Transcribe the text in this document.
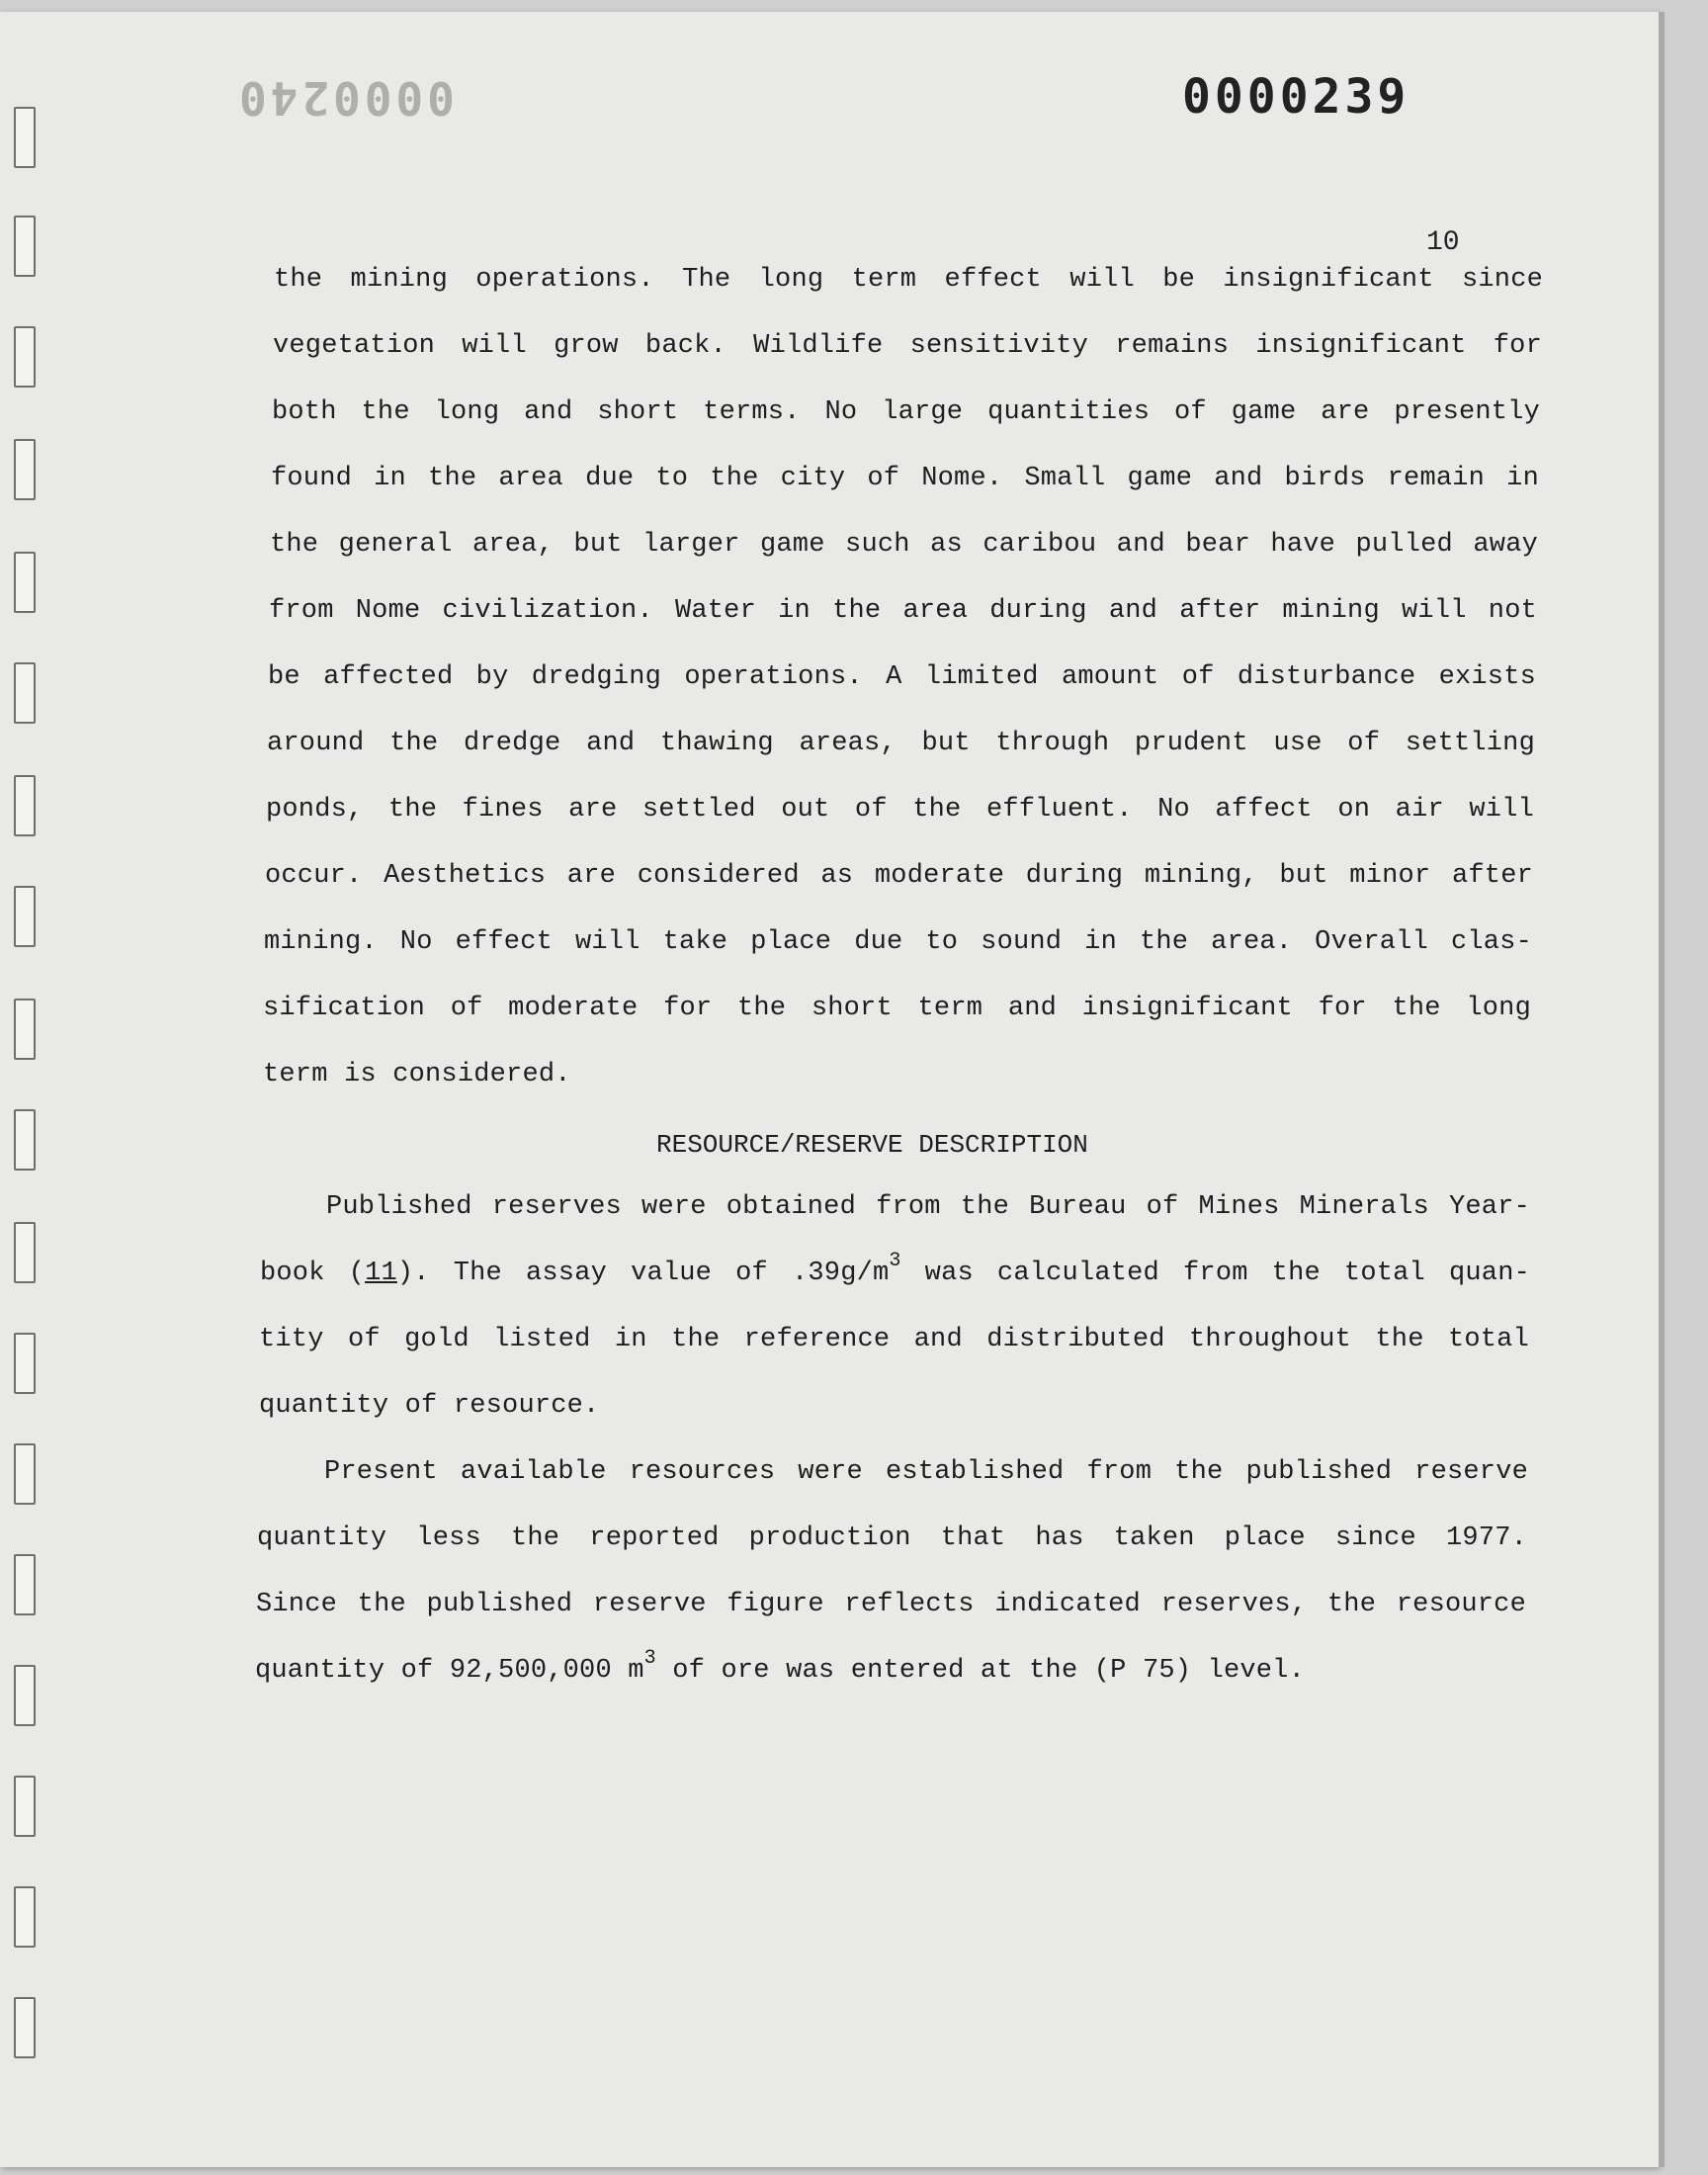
0000240	0000239
10
the mining operations. The long term effect will be insignificant since
vegetation will grow back. Wildlife sensitivity remains insignificant for
both the long and short terms. No large quantities of game are presently
found in the area due to the city of Nome. Small game and birds remain in
the general area, but larger game such as caribou and bear have pulled away
from Nome civilization. Water in the area during and after mining will not
be affected by dredging operations. A limited amount of disturbance exists
around the dredge and thawing areas, but through prudent use of settling
ponds, the fines are settled out of the effluent. No affect on air will
occur. Aesthetics are considered as moderate during mining, but minor after
mining. No effect will take place due to sound in the area. Overall clas-
sification of moderate for the short term and insignificant for the long
term is considered.
RESOURCE/RESERVE DESCRIPTION
Published reserves were obtained from the Bureau of Mines Minerals Year-
book (11). The assay value of $.39g/m^3$ was calculated from the total quan-
tity of gold listed in the reference and distributed throughout the total
quantity of resource.
Present available resources were established from the published reserve
quantity less the reported production that has taken place since 1977.
Since the published reserve figure reflects indicated reserves, the resource
quantity of 92,500,000 $m^3$ of ore was entered at the (P 75) level.
